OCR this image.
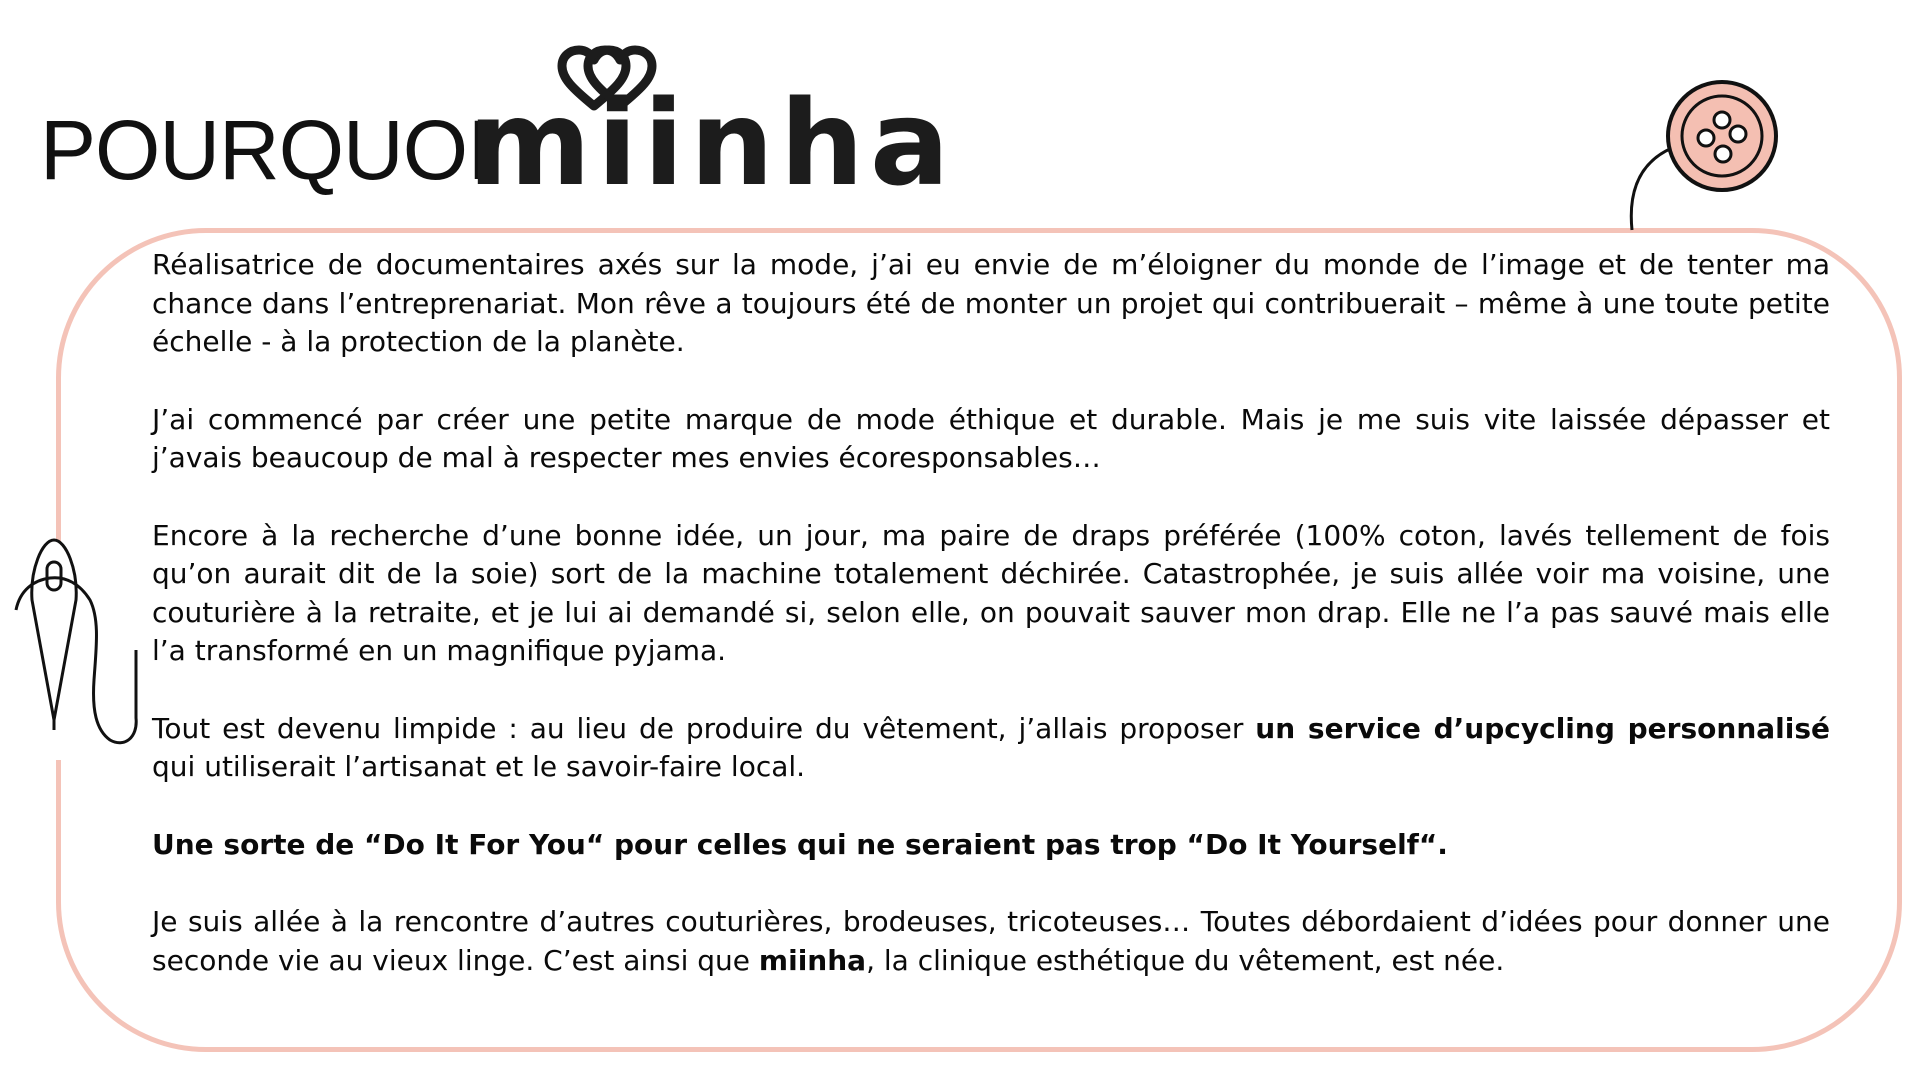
POURQUOI
miinha

Réalisatrice de documentaires axés sur la mode, j’ai eu envie de m’éloigner du monde de l’image et de tenter ma chance dans l’entreprenariat. Mon rêve a toujours été de monter un projet qui contribuerait – même à une toute petite échelle - à la protection de la planète.

J’ai commencé par créer une petite marque de mode éthique et durable. Mais je me suis vite laissée dépasser et j’avais beaucoup de mal à respecter mes envies écoresponsables…

Encore à la recherche d’une bonne idée, un jour, ma paire de draps préférée (100% coton, lavés tellement de fois qu’on aurait dit de la soie) sort de la machine totalement déchirée. Catastrophée, je suis allée voir ma voisine, une couturière à la retraite, et je lui ai demandé si, selon elle, on pouvait sauver mon drap. Elle ne l’a pas sauvé mais elle l’a transformé en un magnifique pyjama.

Tout est devenu limpide : au lieu de produire du vêtement, j’allais proposer un service d’upcycling personnalisé qui utiliserait l’artisanat et le savoir-faire local.

Une sorte de “Do It For You“ pour celles qui ne seraient pas trop “Do It Yourself“.

Je suis allée à la rencontre d’autres couturières, brodeuses, tricoteuses… Toutes débordaient d’idées pour donner une seconde vie au vieux linge. C’est ainsi que miinha, la clinique esthétique du vêtement, est née.
